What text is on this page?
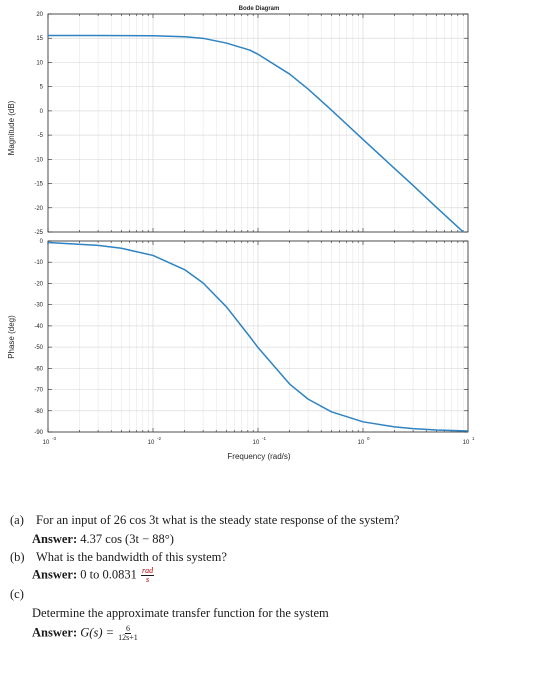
Bode Diagram
20
15
10
5
0
-5
-10
-15
-20
-25
0
-10
-20
-30
-40
-50
-60
-70
-80
-90
10
-3
10
-2
10
-1
10
0
10
1
Magnitude (dB)
Phase (deg)
Frequency (rad/s)
(a) For an input of 26 cos 3t what is the steady state response of the system?
Answer: 4.37 cos (3t − 88°)
(b) What is the bandwidth of this system?
Answer: 0 to $0.0831 \frac{\text{rad}}{s}$
(c)
Determine the approximate transfer function for the system
Answer: $G(s) = \frac{6}{12s+1}$
